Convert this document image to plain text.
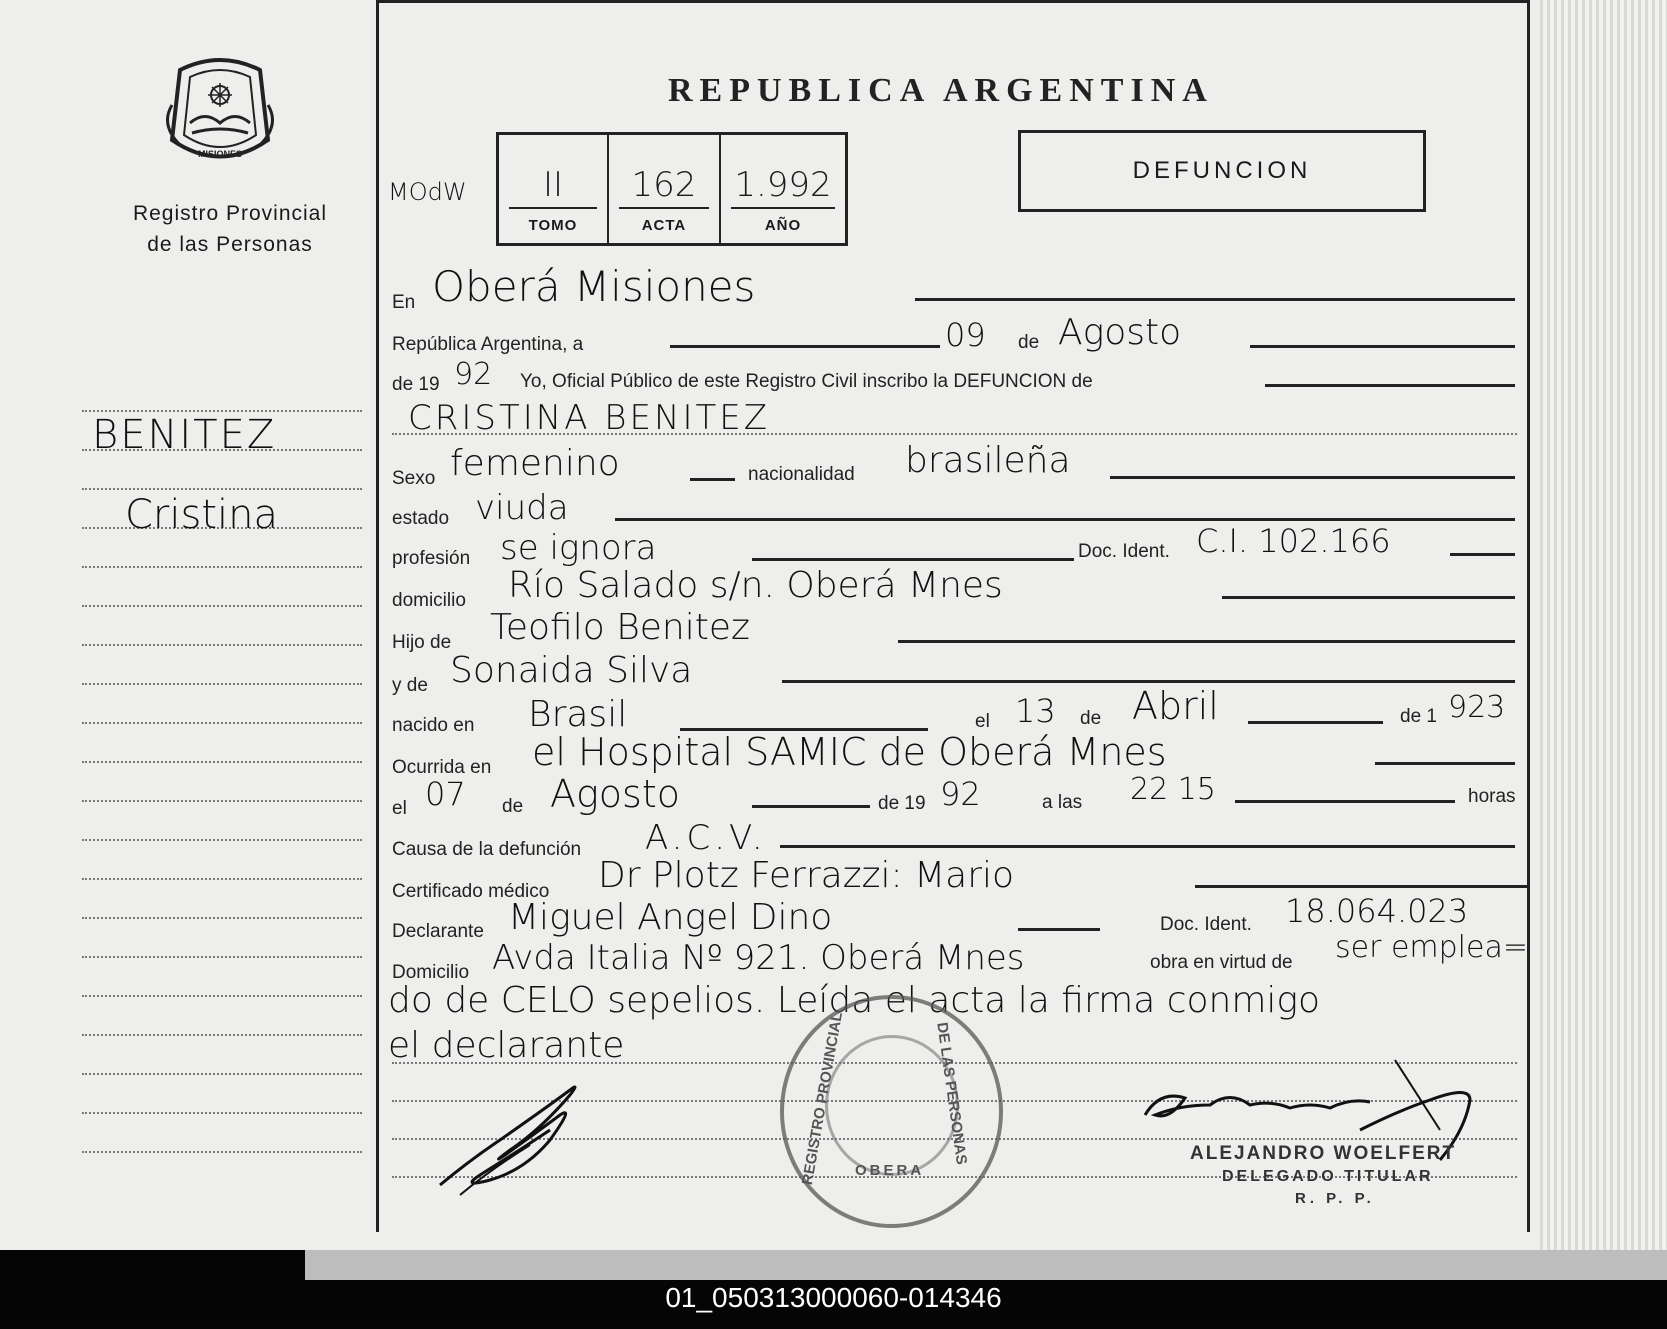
MISIONES
Registro Provincial
de las Personas
BENITEZ
Cristina
REPUBLICA ARGENTINA
DEFUNCION
MOdW	II
TOMO
162
ACTA
1.992
AÑO
En Oberá Misiones
República Argentina, a	09 de Agosto
de 19 92 Yo, Oficial Público de este Registro Civil inscribo la DEFUNCION de
CRISTINA BENITEZ
Sexo femenino	nacionalidad brasileña
estado viuda
profesión se ignora	Doc. Ident. C.I. 102.166
domicilio Río Salado s/n. Oberá Mnes
Hijo de Teofilo Benitez
y de Sonaida Silva
nacido en Brasil	el 13 de Abril	de 1 923
Ocurrida en el Hospital SAMIC de Oberá Mnes
el 07 de Agosto	de 19 92	a las 22 15	horas
Causa de la defunción A.C.V.
Certificado médico Dr Plotz Ferrazzi: Mario
Declarante Miguel Angel Dino	Doc. Ident. 18.064.023
Domicilio Avda Italia Nº 921. Oberá Mnes	obra en virtud de ser emplea=
do de CELO sepelios. Leída el acta la firma conmigo
el declarante	REGISTRO PROVINCIAL	DE LAS PERSONAS
OBERA
ALEJANDRO WOELFERT
DELEGADO TITULAR
R. P. P.
01_050313000060-014346
